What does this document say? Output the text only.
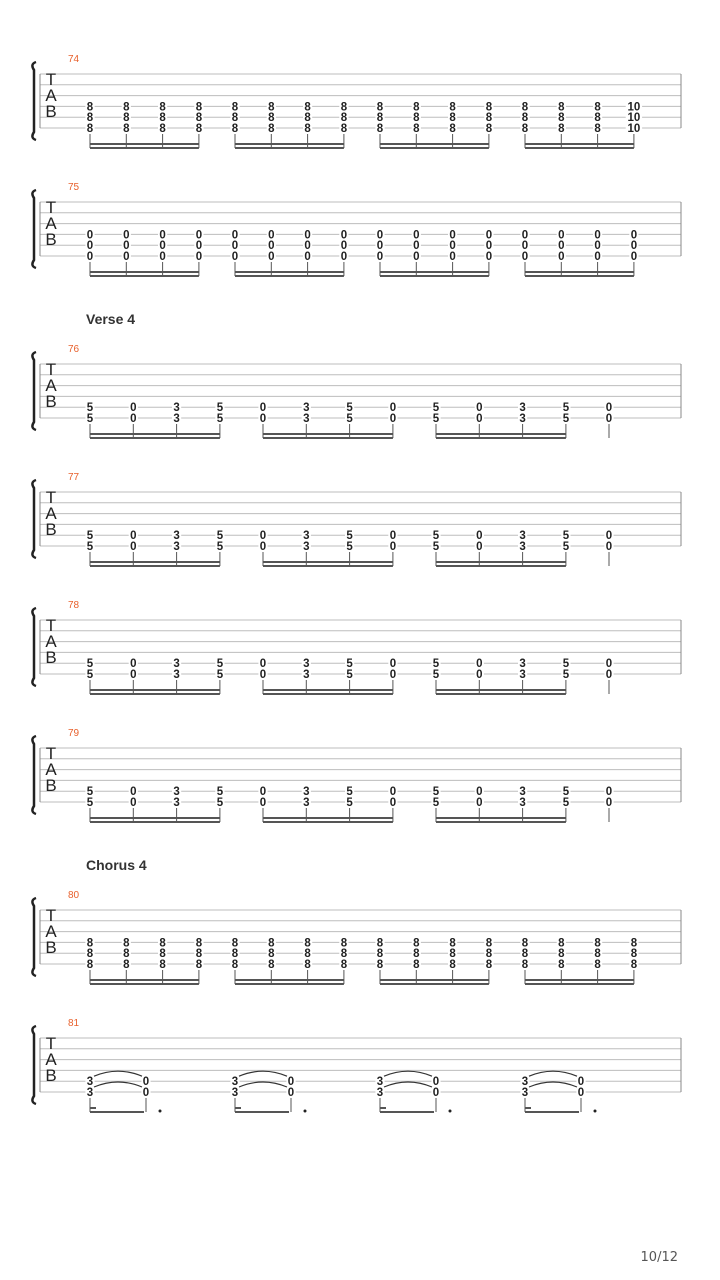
74
T
A
B	8
8
8
8
8
8
8
8
8
8
8
8
8
8
8
8
8
8
8
8
8
8
8
8
8
8
8
8
8
8
8
8
8
8
8
8
8
8
8
8
8
8
8
8
8
10
10
10
75
T
A
B	0
0
0
0
0
0
0
0
0
0
0
0
0
0
0
0
0
0
0
0
0
0
0
0
0
0
0
0
0
0
0
0
0
0
0
0
0
0
0
0
0
0
0
0
0
0
0
0
Verse 4
76
T
A
B	5
5
0
0
3
3
5
5
0
0
3
3
5
5
0
0
5
5
0
0
3
3
5
5
0
0
77
T
A
B	5
5
0
0
3
3
5
5
0
0
3
3
5
5
0
0
5
5
0
0
3
3
5
5
0
0
78
T
A
B	5
5
0
0
3
3
5
5
0
0
3
3
5
5
0
0
5
5
0
0
3
3
5
5
0
0
79
T
A
B	5
5
0
0
3
3
5
5
0
0
3
3
5
5
0
0
5
5
0
0
3
3
5
5
0
0
Chorus 4
80
T
A
B	8
8
8
8
8
8
8
8
8
8
8
8
8
8
8
8
8
8
8
8
8
8
8
8
8
8
8
8
8
8
8
8
8
8
8
8
8
8
8
8
8
8
8
8
8
8
8
8
81
T
A
B	3
3
0
0
3
3
0
0
3
3
0
0
3
3
0
0
10/12
